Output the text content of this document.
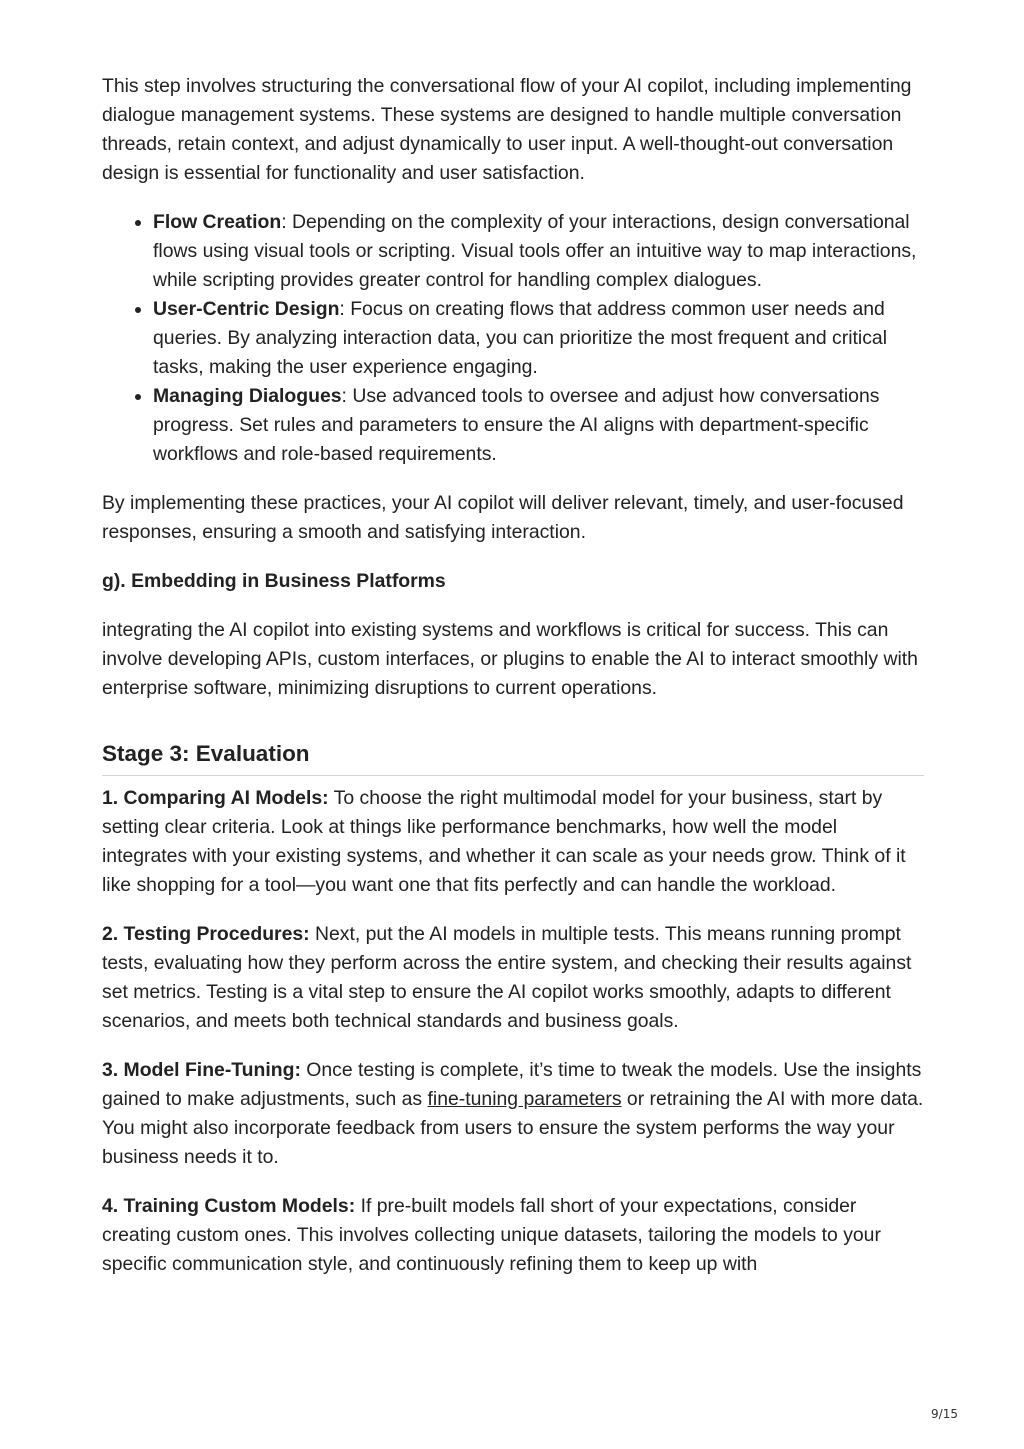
This step involves structuring the conversational flow of your AI copilot, including implementing dialogue management systems. These systems are designed to handle multiple conversation threads, retain context, and adjust dynamically to user input. A well-thought-out conversation design is essential for functionality and user satisfaction.

• Flow Creation: Depending on the complexity of your interactions, design conversational flows using visual tools or scripting. Visual tools offer an intuitive way to map interactions, while scripting provides greater control for handling complex dialogues.
• User-Centric Design: Focus on creating flows that address common user needs and queries. By analyzing interaction data, you can prioritize the most frequent and critical tasks, making the user experience engaging.
• Managing Dialogues: Use advanced tools to oversee and adjust how conversations progress. Set rules and parameters to ensure the AI aligns with department-specific workflows and role-based requirements.

By implementing these practices, your AI copilot will deliver relevant, timely, and user-focused responses, ensuring a smooth and satisfying interaction.

g). Embedding in Business Platforms

integrating the AI copilot into existing systems and workflows is critical for success. This can involve developing APIs, custom interfaces, or plugins to enable the AI to interact smoothly with enterprise software, minimizing disruptions to current operations.

Stage 3: Evaluation

1. Comparing AI Models: To choose the right multimodal model for your business, start by setting clear criteria. Look at things like performance benchmarks, how well the model integrates with your existing systems, and whether it can scale as your needs grow. Think of it like shopping for a tool—you want one that fits perfectly and can handle the workload.

2. Testing Procedures: Next, put the AI models in multiple tests. This means running prompt tests, evaluating how they perform across the entire system, and checking their results against set metrics. Testing is a vital step to ensure the AI copilot works smoothly, adapts to different scenarios, and meets both technical standards and business goals.

3. Model Fine-Tuning: Once testing is complete, it’s time to tweak the models. Use the insights gained to make adjustments, such as fine-tuning parameters or retraining the AI with more data. You might also incorporate feedback from users to ensure the system performs the way your business needs it to.

4. Training Custom Models: If pre-built models fall short of your expectations, consider creating custom ones. This involves collecting unique datasets, tailoring the models to your specific communication style, and continuously refining them to keep up with

9/15
